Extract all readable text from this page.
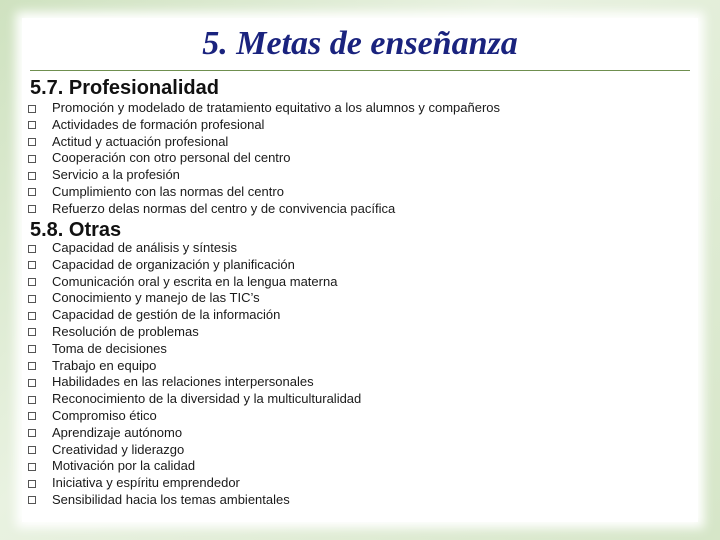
5. Metas de enseñanza
5.7. Profesionalidad
Promoción y modelado de tratamiento equitativo a los alumnos y compañeros
Actividades de formación profesional
Actitud y actuación profesional
Cooperación con otro personal del centro
Servicio a la profesión
Cumplimiento con las normas del centro
Refuerzo delas normas del centro y de convivencia pacífica
5.8. Otras
Capacidad de análisis y síntesis
Capacidad de organización y planificación
Comunicación oral y escrita en la lengua materna
Conocimiento y manejo de las TIC’s
Capacidad de gestión de la información
Resolución de problemas
Toma de decisiones
Trabajo en equipo
Habilidades en las relaciones interpersonales
Reconocimiento de la diversidad y la multiculturalidad
Compromiso ético
Aprendizaje autónomo
Creatividad y liderazgo
Motivación por la calidad
Iniciativa y espíritu emprendedor
Sensibilidad hacia los temas ambientales
